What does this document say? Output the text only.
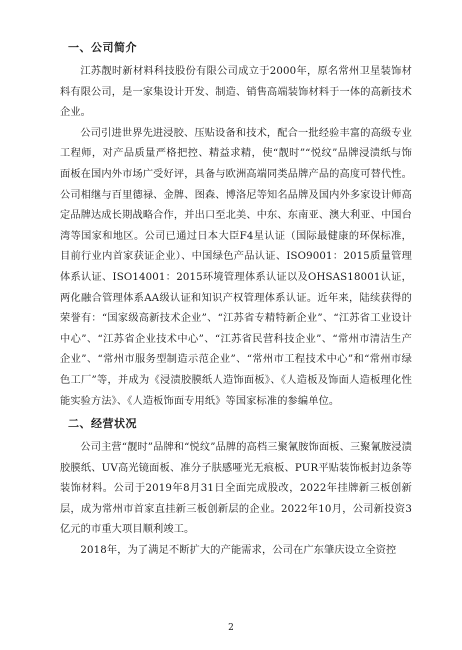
一、公司简介

江苏靓时新材料科技股份有限公司成立于2000年，原名常州卫星装饰材料有限公司，是一家集设计开发、制造、销售高端装饰材料于一体的高新技术企业。

公司引进世界先进浸胶、压贴设备和技术，配合一批经验丰富的高级专业工程师，对产品质量严格把控、精益求精，使“靓时”“悦纹”品牌浸渍纸与饰面板在国内外市场广受好评，具备与欧洲高端同类品牌产品的高度可替代性。公司相继与百里德禄、金牌、图森、博洛尼等知名品牌及国内外多家设计师高定品牌达成长期战略合作，并出口至北美、中东、东南亚、澳大利亚、中国台湾等国家和地区。公司已通过日本大臣F4星认证（国际最健康的环保标准，目前行业内首家获证企业）、中国绿色产品认证、ISO9001：2015质量管理体系认证、ISO14001：2015环境管理体系认证以及OHSAS18001认证，两化融合管理体系AA级认证和知识产权管理体系认证。近年来，陆续获得的荣誉有：“国家级高新技术企业”、“江苏省专精特新企业”、“江苏省工业设计中心”、“江苏省企业技术中心”、“江苏省民营科技企业”、“常州市清洁生产企业”、“常州市服务型制造示范企业”、“常州市工程技术中心”和“常州市绿色工厂”等，并成为《浸渍胶膜纸人造饰面板》、《人造板及饰面人造板理化性能实验方法》、《人造板饰面专用纸》等国家标准的参编单位。

二、经营状况

公司主营“靓时”品牌和“悦纹”品牌的高档三聚氰胺饰面板、三聚氰胺浸渍胶膜纸、UV高光镜面板、准分子肤感哑光无痕板、PUR平贴装饰板封边条等装饰材料。公司于2019年8月31日全面完成股改，2022年挂牌新三板创新层，成为常州市首家直挂新三板创新层的企业。2022年10月，公司新投资3亿元的市重大项目顺利竣工。

2018年，为了满足不断扩大的产能需求，公司在广东肇庆设立全资控

2
